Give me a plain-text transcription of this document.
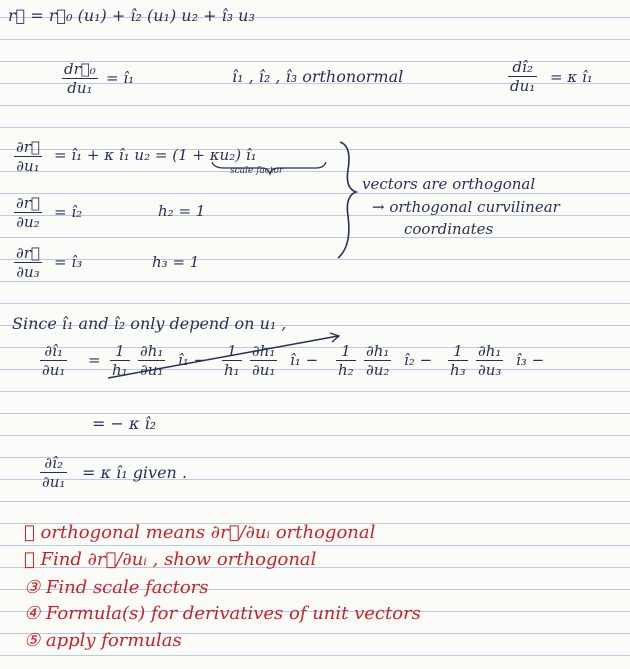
r⃗ = r⃗₀ (u₁) + î₂ (u₁) u₂ + î₃ u₃
$\frac{\text{dr⃗₀}}{\text{du₁}}$ = î₁	î₁ , î₂ , î₃ orthonormal	$\frac{\text{dî₂}}{\text{du₁}} = \kappa$ î₁
$\frac{\partial r⃗}{\text{∂u₁}}$ = î₁ + κ î₁ u₂ = (1 + κu₂) î₁
scale factor
$\frac{\partial r⃗}{\text{∂u₂}}$ = î₂	h₂ = 1
$\frac{\partial r⃗}{\text{∂u₃}}$ = î₃	h₃ = 1
vectors are orthogonal
→ orthogonal curvilinear
coordinates
Since î₁ and î₂ only depend on u₁ ,
$\frac{\text{∂î₁}}{\text{∂u₁}} = \frac{1}{\text{h₁}} \frac{\text{∂h₁}}{\text{∂u₁}}$ î₁ − $\frac{1}{\text{h₁}} \frac{\text{∂h₁}}{\text{∂u₁}}$ î₁ − $\frac{1}{\text{h₂}} \frac{\text{∂h₁}}{\text{∂u₂}}$ î₂ − $\frac{1}{\text{h₃}} \frac{\text{∂h₁}}{\text{∂u₃}}$ î₃ −
= − κ î₂
$\frac{\text{∂î₂}}{\text{∂u₁}} = \kappa$ î₁ given .
① orthogonal means ∂r⃗/∂uᵢ orthogonal
② Find ∂r⃗/∂uᵢ , show orthogonal
③ Find scale factors
④ Formula(s) for derivatives of unit vectors
⑤ apply formulas
